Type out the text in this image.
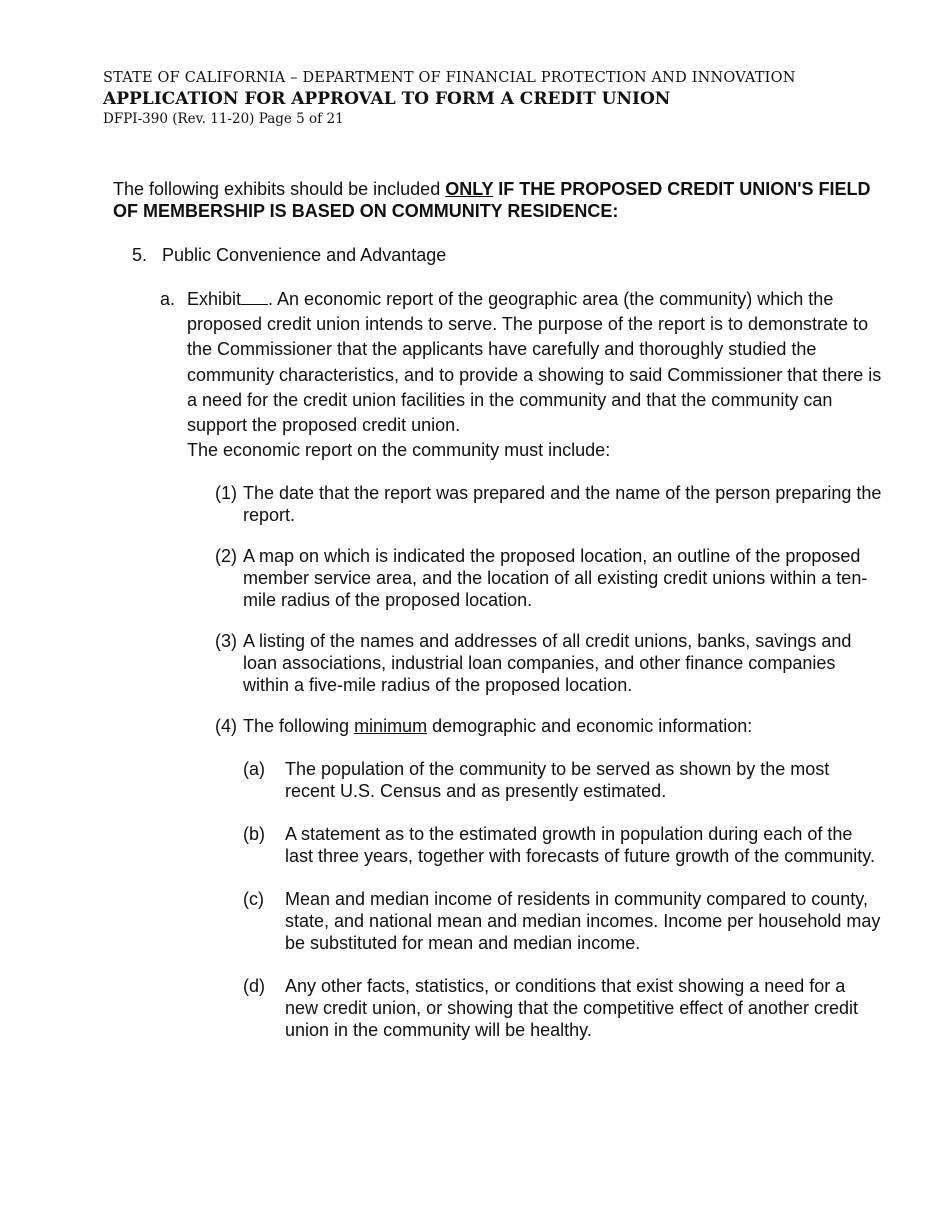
STATE OF CALIFORNIA – DEPARTMENT OF FINANCIAL PROTECTION AND INNOVATION
APPLICATION FOR APPROVAL TO FORM A CREDIT UNION
DFPI-390 (Rev. 11-20) Page 5 of 21

The following exhibits should be included ONLY IF THE PROPOSED CREDIT UNION'S FIELD OF MEMBERSHIP IS BASED ON COMMUNITY RESIDENCE:

5. Public Convenience and Advantage
a. Exhibit . An economic report of the geographic area (the community) which the proposed credit union intends to serve. The purpose of the report is to demonstrate to the Commissioner that the applicants have carefully and thoroughly studied the community characteristics, and to provide a showing to said Commissioner that there is a need for the credit union facilities in the community and that the community can support the proposed credit union.
The economic report on the community must include:
(1) The date that the report was prepared and the name of the person preparing the report.
(2) A map on which is indicated the proposed location, an outline of the proposed member service area, and the location of all existing credit unions within a ten-mile radius of the proposed location.
(3) A listing of the names and addresses of all credit unions, banks, savings and loan associations, industrial loan companies, and other finance companies within a five-mile radius of the proposed location.
(4) The following minimum demographic and economic information:
(a) The population of the community to be served as shown by the most recent U.S. Census and as presently estimated.
(b) A statement as to the estimated growth in population during each of the last three years, together with forecasts of future growth of the community.
(c) Mean and median income of residents in community compared to county, state, and national mean and median incomes. Income per household may be substituted for mean and median income.
(d) Any other facts, statistics, or conditions that exist showing a need for a new credit union, or showing that the competitive effect of another credit union in the community will be healthy.
